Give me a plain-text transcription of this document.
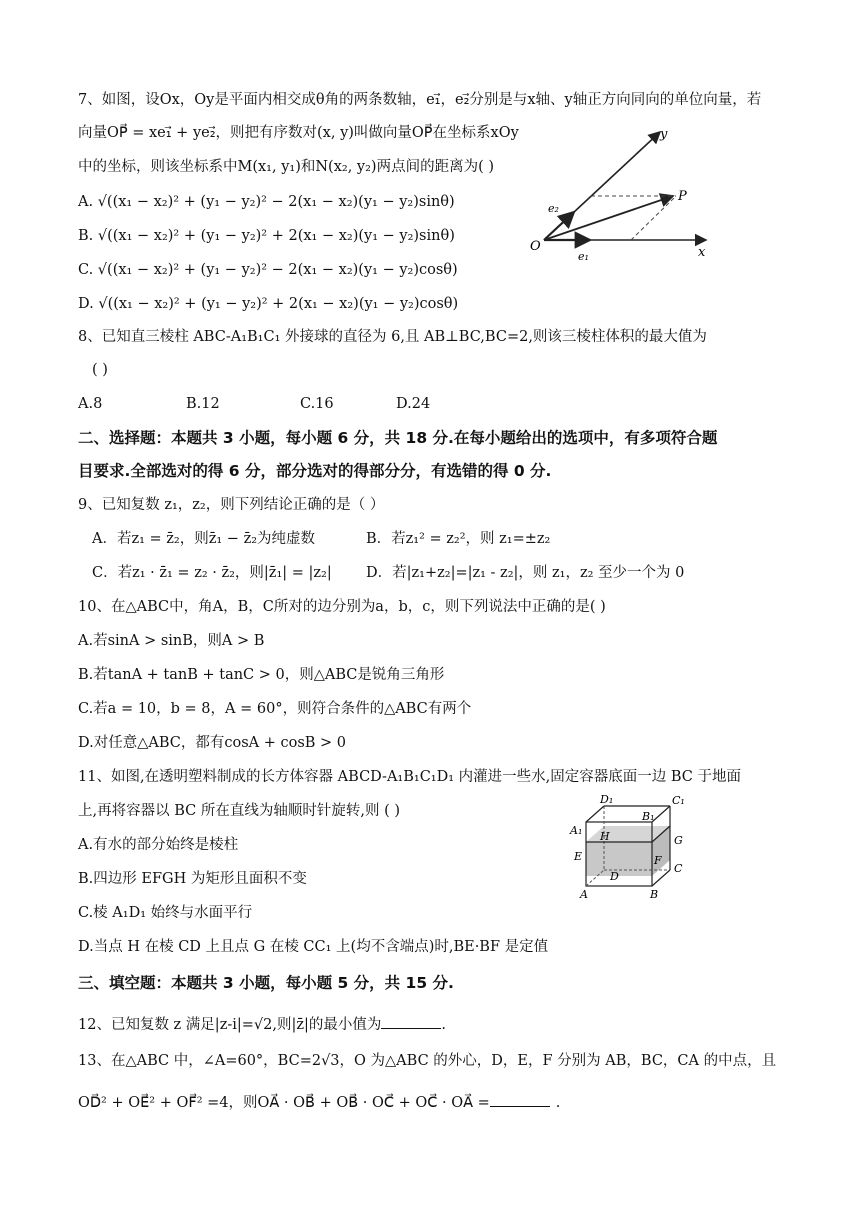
7、如图，设Ox，Oy是平面内相交成θ角的两条数轴，e₁⃗，e₂⃗分别是与x轴、y轴正方向同向的单位向量，若
向量OP⃗ = xe₁⃗ + ye₂⃗，则把有序数对(x, y)叫做向量OP⃗在坐标系xOy
中的坐标，则该坐标系中M(x₁, y₁)和N(x₂, y₂)两点间的距离为( )
A. √((x₁ − x₂)² + (y₁ − y₂)² − 2(x₁ − x₂)(y₁ − y₂)sinθ)
B. √((x₁ − x₂)² + (y₁ − y₂)² + 2(x₁ − x₂)(y₁ − y₂)sinθ)
C. √((x₁ − x₂)² + (y₁ − y₂)² − 2(x₁ − x₂)(y₁ − y₂)cosθ)
D. √((x₁ − x₂)² + (y₁ − y₂)² + 2(x₁ − x₂)(y₁ − y₂)cosθ)
y
x
O
P
e₁
e₂
8、已知直三棱柱 ABC-A₁B₁C₁ 外接球的直径为 6,且 AB⊥BC,BC=2,则该三棱柱体积的最大值为
( )
A.8	B.12	C.16	D.24
二、选择题：本题共 3 小题，每小题 6 分，共 18 分.在每小题给出的选项中，有多项符合题
目要求.全部选对的得 6 分，部分选对的得部分分，有选错的得 0 分.
9、已知复数 z₁，z₂，则下列结论正确的是（ ）
A．若z₁ = z̄₂，则z̄₁ − z̄₂为纯虚数	B．若z₁² = z₂²，则 z₁=±z₂
C．若z₁ · z̄₁ = z₂ · z̄₂，则|z̄₁| = |z₂| D．若|z₁+z₂|=|z₁ - z₂|，则 z₁，z₂ 至少一个为 0
10、在△ABC中，角A，B，C所对的边分别为a，b，c，则下列说法中正确的是( )
A.若sinA > sinB，则A > B
B.若tanA + tanB + tanC > 0，则△ABC是锐角三角形
C.若a = 10，b = 8，A = 60°，则符合条件的△ABC有两个
D.对任意△ABC，都有cosA + cosB > 0
11、如图,在透明塑料制成的长方体容器 ABCD-A₁B₁C₁D₁ 内灌进一些水,固定容器底面一边 BC 于地面
上,再将容器以 BC 所在直线为轴顺时针旋转,则 ( )
A.有水的部分始终是棱柱
B.四边形 EFGH 为矩形且面积不变
C.棱 A₁D₁ 始终与水面平行
D.当点 H 在棱 CD 上且点 G 在棱 CC₁ 上(均不含端点)时,BE·BF 是定值
D₁	C₁
A₁
B₁
G
H
E	F
C
D
A	B
三、填空题：本题共 3 小题，每小题 5 分，共 15 分.
12、已知复数 z 满足|z-i|=√2,则|z̄|的最小值为	.
13、在△ABC 中，∠A=60°，BC=2√3，O 为△ABC 的外心，D，E，F 分别为 AB，BC，CA 的中点，且
OD⃗² + OE⃗² + OF⃗² =4，则OA⃗ · OB⃗ + OB⃗ · OC⃗ + OC⃗ · OA⃗ =	.
